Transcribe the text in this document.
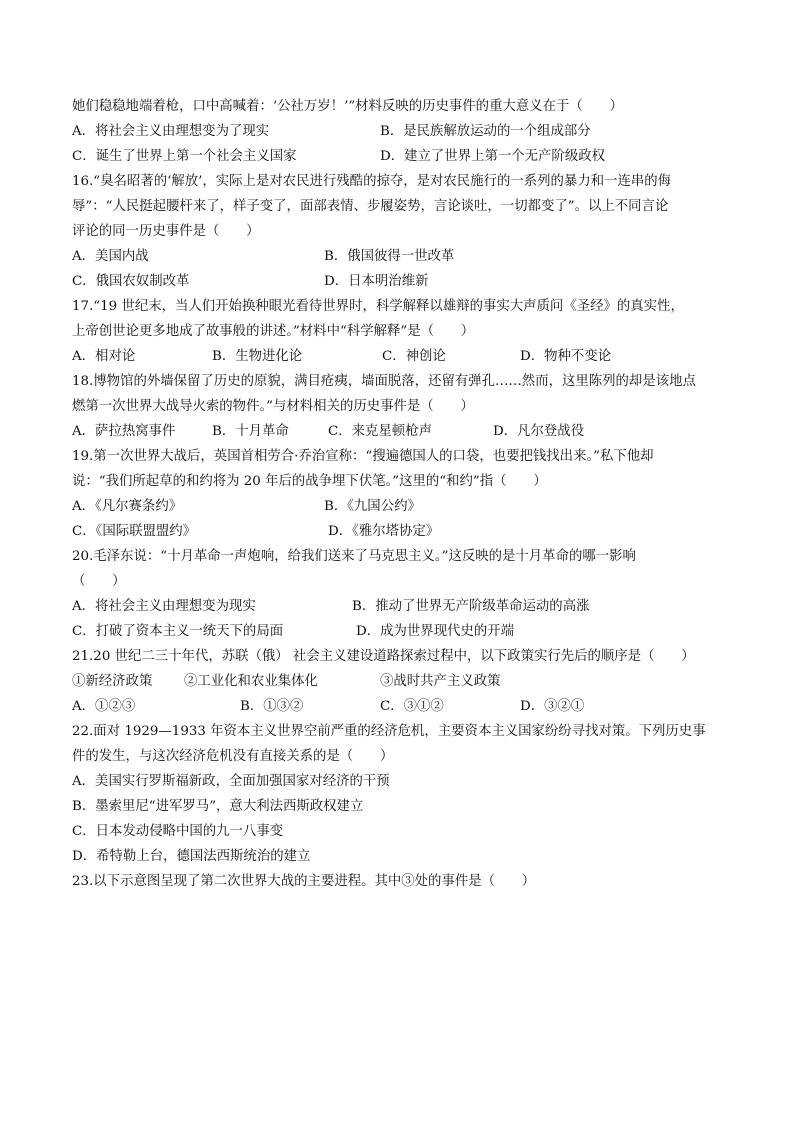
她们稳稳地端着枪，口中高喊着：‘公社万岁！’”材料反映的历史事件的重大意义在于（　　）
A．将社会主义由理想变为了现实	B．是民族解放运动的一个组成部分
C．诞生了世界上第一个社会主义国家	D．建立了世界上第一个无产阶级政权
16.“臭名昭著的‘解放’，实际上是对农民进行残酷的掠夺，是对农民施行的一系列的暴力和一连串的侮
辱”：“人民挺起腰杆来了，样子变了，面部表情、步履姿势，言论谈吐，一切都变了”。以上不同言论
评论的同一历史事件是（　　）
A．美国内战	B．俄国彼得一世改革
C．俄国农奴制改革	D．日本明治维新
17.“19 世纪末，当人们开始换种眼光看待世界时，科学解释以雄辩的事实大声质问《圣经》的真实性，
上帝创世论更多地成了故事般的讲述。”材料中“科学解释”是（　　）
A．相对论	B．生物进化论	C．神创论	D．物种不变论
18.博物馆的外墙保留了历史的原貌，满目疮痍，墙面脱落，还留有弹孔……然而，这里陈列的却是该地点
燃第一次世界大战导火索的物件。”与材料相关的历史事件是（　　）
A．萨拉热窝事件	B．十月革命	C．来克星顿枪声	D．凡尔登战役
19.第一次世界大战后，英国首相劳合·乔治宣称：“搜遍德国人的口袋，也要把钱找出来。”私下他却
说：“我们所起草的和约将为 20 年后的战争埋下伏笔。”这里的“和约”指（　　）
A．《凡尔赛条约》	B．《九国公约》
C．《国际联盟盟约》	D．《雅尔塔协定》
20.毛泽东说：“十月革命一声炮响，给我们送来了马克思主义。”这反映的是十月革命的哪一影响
（　　）
A．将社会主义由理想变为现实	B．推动了世界无产阶级革命运动的高涨
C．打破了资本主义一统天下的局面	D．成为世界现代史的开端
21.20 世纪二三十年代，苏联（俄） 社会主义建设道路探索过程中，以下政策实行先后的顺序是（　　）
①新经济政策 ②工业化和农业集体化	③战时共产主义政策
A．①②③	B．①③②	C．③①②	D．③②①
22.面对 1929—1933 年资本主义世界空前严重的经济危机，主要资本主义国家纷纷寻找对策。下列历史事
件的发生，与这次经济危机没有直接关系的是（　　）
A．美国实行罗斯福新政，全面加强国家对经济的干预
B．墨索里尼“进军罗马”，意大利法西斯政权建立
C．日本发动侵略中国的九一八事变
D．希特勒上台，德国法西斯统治的建立
23.以下示意图呈现了第二次世界大战的主要进程。其中③处的事件是（　　）
